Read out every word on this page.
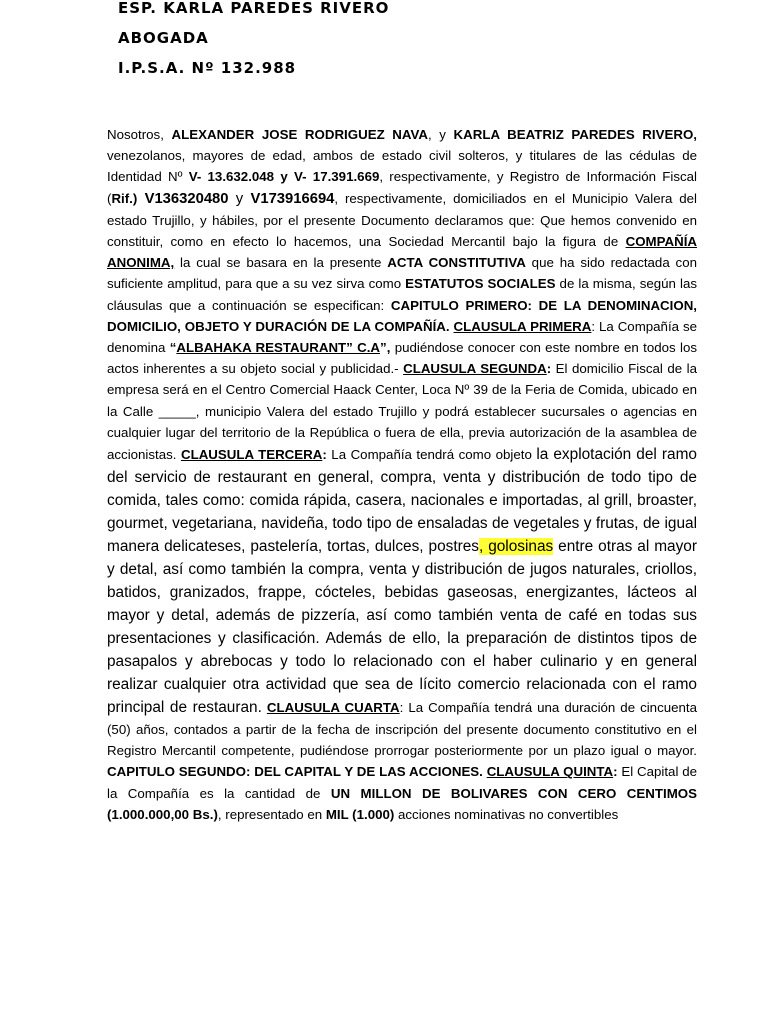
ESP. KARLA PAREDES RIVERO
ABOGADA
I.P.S.A. Nº 132.988
Nosotros, ALEXANDER JOSE RODRIGUEZ NAVA, y KARLA BEATRIZ PAREDES RIVERO, venezolanos, mayores de edad, ambos de estado civil solteros, y titulares de las cédulas de Identidad Nº V- 13.632.048 y V- 17.391.669, respectivamente, y Registro de Información Fiscal (Rif.) V136320480 y V173916694, respectivamente, domiciliados en el Municipio Valera del estado Trujillo, y hábiles, por el presente Documento declaramos que: Que hemos convenido en constituir, como en efecto lo hacemos, una Sociedad Mercantil bajo la figura de COMPAÑÍA ANONIMA, la cual se basara en la presente ACTA CONSTITUTIVA que ha sido redactada con suficiente amplitud, para que a su vez sirva como ESTATUTOS SOCIALES de la misma, según las cláusulas que a continuación se especifican: CAPITULO PRIMERO: DE LA DENOMINACION, DOMICILIO, OBJETO Y DURACIÓN DE LA COMPAÑÍA. CLAUSULA PRIMERA: La Compañía se denomina “ALBAHAKA RESTAURANT” C.A”, pudiéndose conocer con este nombre en todos los actos inherentes a su objeto social y publicidad.- CLAUSULA SEGUNDA: El domicilio Fiscal de la empresa será en el Centro Comercial Haack Center, Loca Nº 39 de la Feria de Comida, ubicado en la Calle _____, municipio Valera del estado Trujillo y podrá establecer sucursales o agencias en cualquier lugar del territorio de la República o fuera de ella, previa autorización de la asamblea de accionistas. CLAUSULA TERCERA: La Compañía tendrá como objeto la explotación del ramo del servicio de restaurant en general, compra, venta y distribución de todo tipo de comida, tales como: comida rápida, casera, nacionales e importadas, al grill, broaster, gourmet, vegetariana, navideña, todo tipo de ensaladas de vegetales y frutas, de igual manera delicateses, pastelería, tortas, dulces, postres, golosinas entre otras al mayor y detal, así como también la compra, venta y distribución de jugos naturales, criollos, batidos, granizados, frappe, cócteles, bebidas gaseosas, energizantes, lácteos al mayor y detal, además de pizzería, así como también venta de café en todas sus presentaciones y clasificación. Además de ello, la preparación de distintos tipos de pasapalos y abrebocas y todo lo relacionado con el haber culinario y en general realizar cualquier otra actividad que sea de lícito comercio relacionada con el ramo principal de restauran. CLAUSULA CUARTA: La Compañía tendrá una duración de cincuenta (50) años, contados a partir de la fecha de inscripción del presente documento constitutivo en el Registro Mercantil competente, pudiéndose prorrogar posteriormente por un plazo igual o mayor. CAPITULO SEGUNDO: DEL CAPITAL Y DE LAS ACCIONES. CLAUSULA QUINTA: El Capital de la Compañía es la cantidad de UN MILLON DE BOLIVARES CON CERO CENTIMOS (1.000.000,00 Bs.), representado en MIL (1.000) acciones nominativas no convertibles
